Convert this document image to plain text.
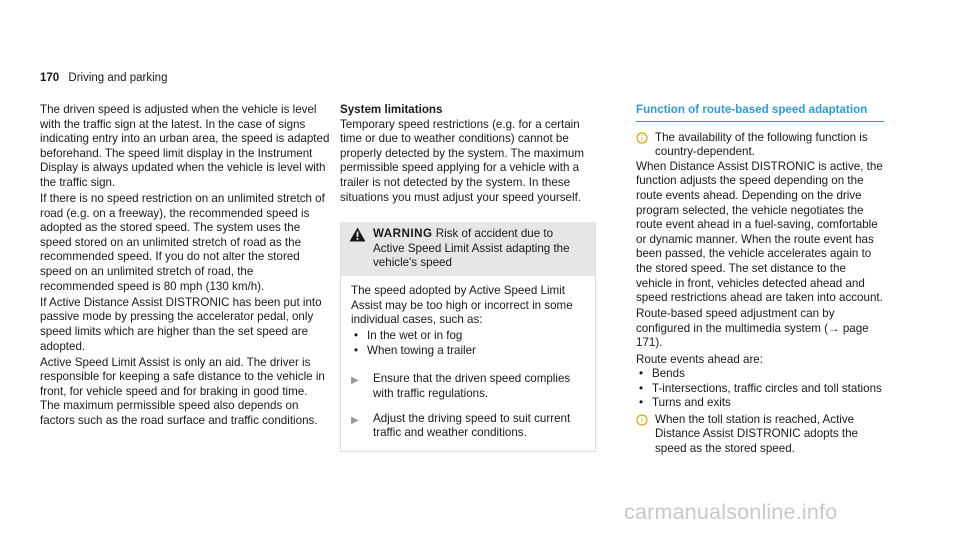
170 Driving and parking

The driven speed is adjusted when the vehicle is level with the traffic sign at the latest. In the case of signs indicating entry into an urban area, the speed is adapted beforehand. The speed limit display in the Instrument Display is always updated when the vehicle is level with the traffic sign.

If there is no speed restriction on an unlimited stretch of road (e.g. on a freeway), the recommended speed is adopted as the stored speed. The system uses the speed stored on an unlimited stretch of road as the recommended speed. If you do not alter the stored speed on an unlimited stretch of road, the recommended speed is 80 mph (130 km/h).

If Active Distance Assist DISTRONIC has been put into passive mode by pressing the accelerator pedal, only speed limits which are higher than the set speed are adopted.

Active Speed Limit Assist is only an aid. The driver is responsible for keeping a safe distance to the vehicle in front, for vehicle speed and for braking in good time. The maximum permissible speed also depends on factors such as the road surface and traffic conditions.

System limitations

Temporary speed restrictions (e.g. for a certain time or due to weather conditions) cannot be properly detected by the system. The maximum permissible speed applying for a vehicle with a trailer is not detected by the system. In these situations you must adjust your speed yourself.

WARNING Risk of accident due to Active Speed Limit Assist adapting the vehicle's speed

The speed adopted by Active Speed Limit Assist may be too high or incorrect in some individual cases, such as:

• In the wet or in fog
• When towing a trailer
▶	Ensure that the driven speed complies with traffic regulations.
▶	Adjust the driving speed to suit current traffic and weather conditions.
Function of route-based speed adaptation
i The availability of the following function is country-dependent.

When Distance Assist DISTRONIC is active, the function adjusts the speed depending on the route events ahead. Depending on the drive program selected, the vehicle negotiates the route event ahead in a fuel-saving, comfortable or dynamic manner. When the route event has been passed, the vehicle accelerates again to the stored speed. The set distance to the vehicle in front, vehicles detected ahead and speed restrictions ahead are taken into account.

Route-based speed adjustment can by configured in the multimedia system (→ page 171).

Route events ahead are:

• Bends
• T-intersections, traffic circles and toll stations
• Turns and exits
i When the toll station is reached, Active Distance Assist DISTRONIC adopts the speed as the stored speed.
carmanualsonline.info
